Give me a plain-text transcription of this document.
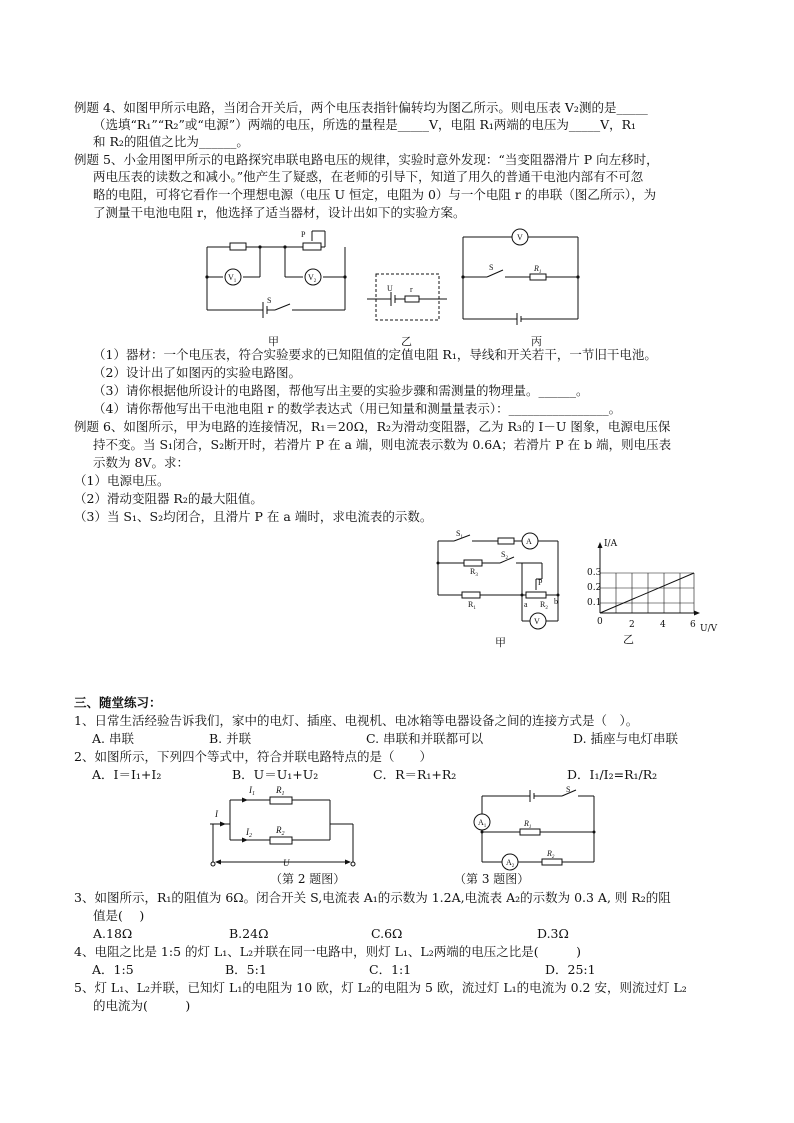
例题 4、如图甲所示电路，当闭合开关后，两个电压表指针偏转均为图乙所示。则电压表 V₂测的是_____
（选填“R₁”“R₂”或“电源”）两端的电压，所选的量程是_____V，电阻 R₁两端的电压为_____V，R₁
和 R₂的阻值之比为______。
例题 5、小金用图甲所示的电路探究串联电路电压的规律，实验时意外发现：“当变阻器滑片 P 向左移时，
两电压表的读数之和减小。”他产生了疑惑，在老师的引导下，知道了用久的普通干电池内部有不可忽
略的电阻，可将它看作一个理想电源（电压 U 恒定，电阻为 0）与一个电阻 r 的串联（图乙所示），为
了测量干电池电阻 r，他选择了适当器材，设计出如下的实验方案。
$V_1$	$V_2$
P
S
U r
V
S	$R_1$
甲	乙	丙
（1）器材：一个电压表，符合实验要求的已知阻值的定值电阻 R₁，导线和开关若干，一节旧干电池。
（2）设计出了如图丙的实验电路图。
（3）请你根据他所设计的电路图，帮他写出主要的实验步骤和需测量的物理量。______。
（4）请你帮他写出干电池电阻 r 的数学表达式（用已知量和测量量表示）：________________。
例题 6、如图所示，甲为电路的连接情况，R₁＝20Ω，R₂为滑动变阻器，乙为 R₃的 I－U 图象，电源电压保
持不变。当 S₁闭合，S₂断开时，若滑片 P 在 a 端，则电流表示数为 0.6A；若滑片 P 在 b 端，则电压表
示数为 8V。求：
（1）电源电压。
（2）滑动变阻器 R₂的最大阻值。
（3）当 S₁、S₂均闭合，且滑片 P 在 a 端时，求电流表的示数。
$S_1$	A
$R_3$
$S_2$
$R_1$
P
a $R_2$
b
V
甲
I/A
0.3
0.2
0.1
0	2	4	6 U/V
乙
三、随堂练习：
1、日常生活经验告诉我们，家中的电灯、插座、电视机、电冰箱等电器设备之间的连接方式是（　）。
A. 串联	B. 并联	C. 串联和并联都可以	D. 插座与电灯串联
2、如图所示，下列四个等式中，符合并联电路特点的是（　　）
A．I＝I₁+I₂	B．U＝U₁+U₂	C．R＝R₁+R₂	D．I₁/I₂=R₁/R₂
I
$I_1$ $R_1$
$I_2$
$R_2$
U
（第 2 题图）
$A_1$
$A_2$
S
$R_1$
$R_2$
（第 3 题图）
3、如图所示，R₁的阻值为 6Ω。闭合开关 S,电流表 A₁的示数为 1.2A,电流表 A₂的示数为 0.3 A, 则 R₂的阻
值是(　 )
A.18Ω	B.24Ω	C.6Ω	D.3Ω
4、电阻之比是 1:5 的灯 L₁、L₂并联在同一电路中，则灯 L₁、L₂两端的电压之比是(　　　)
A．1:5	B．5:1	C．1:1	D．25:1
5、灯 L₁、L₂并联，已知灯 L₁的电阻为 10 欧，灯 L₂的电阻为 5 欧，流过灯 L₁的电流为 0.2 安，则流过灯 L₂
的电流为(　　　)
